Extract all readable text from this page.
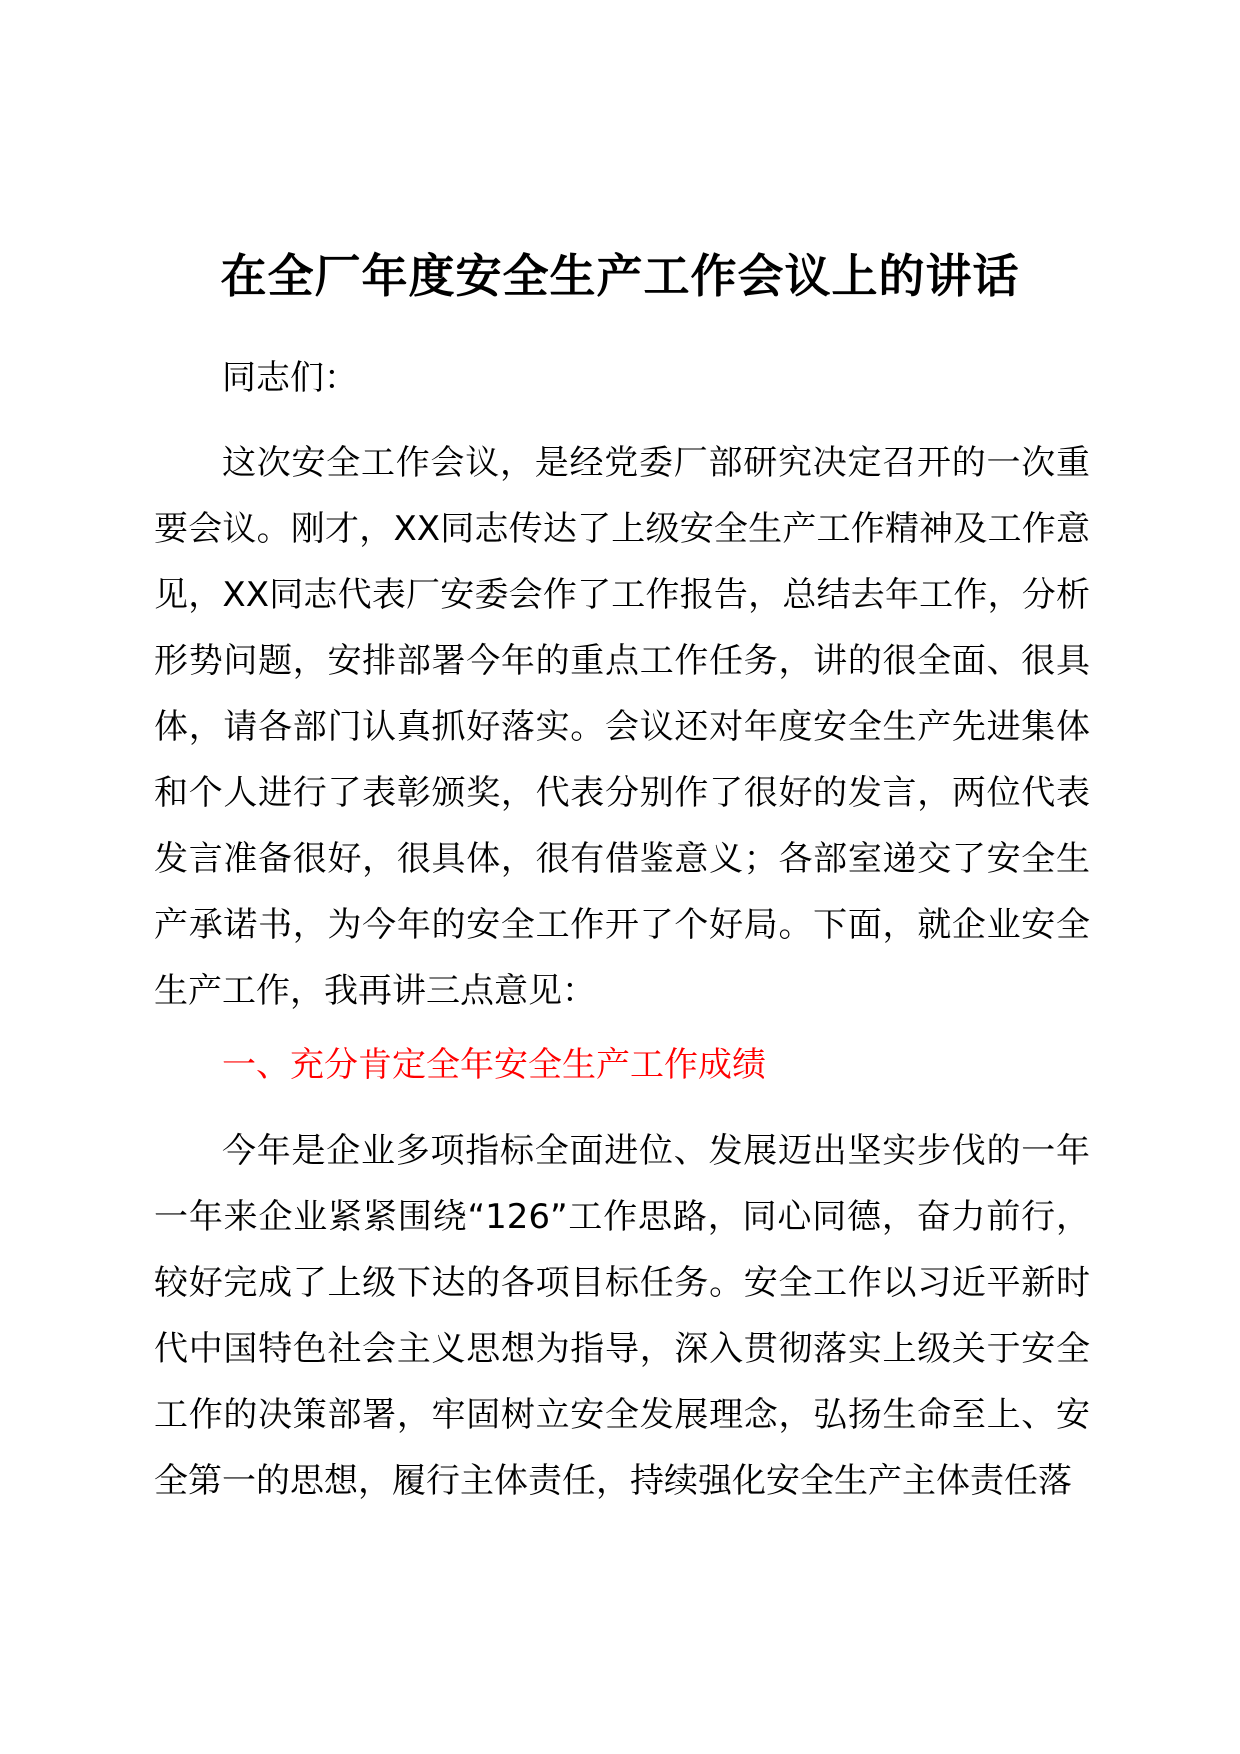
在全厂年度安全生产工作会议上的讲话

同志们：

这次安全工作会议，是经党委厂部研究决定召开的一次重要会议。刚才，XX同志传达了上级安全生产工作精神及工作意见，XX同志代表厂安委会作了工作报告，总结去年工作，分析形势问题，安排部署今年的重点工作任务，讲的很全面、很具体，请各部门认真抓好落实。会议还对年度安全生产先进集体和个人进行了表彰颁奖，代表分别作了很好的发言，两位代表发言准备很好，很具体，很有借鉴意义；各部室递交了安全生产承诺书，为今年的安全工作开了个好局。下面，就企业安全生产工作，我再讲三点意见：

一、充分肯定全年安全生产工作成绩

今年是企业多项指标全面进位、发展迈出坚实步伐的一年一年来企业紧紧围绕“126”工作思路，同心同德，奋力前行，较好完成了上级下达的各项目标任务。安全工作以习近平新时代中国特色社会主义思想为指导，深入贯彻落实上级关于安全工作的决策部署，牢固树立安全发展理念，弘扬生命至上、安全第一的思想，履行主体责任，持续强化安全生产主体责任落
